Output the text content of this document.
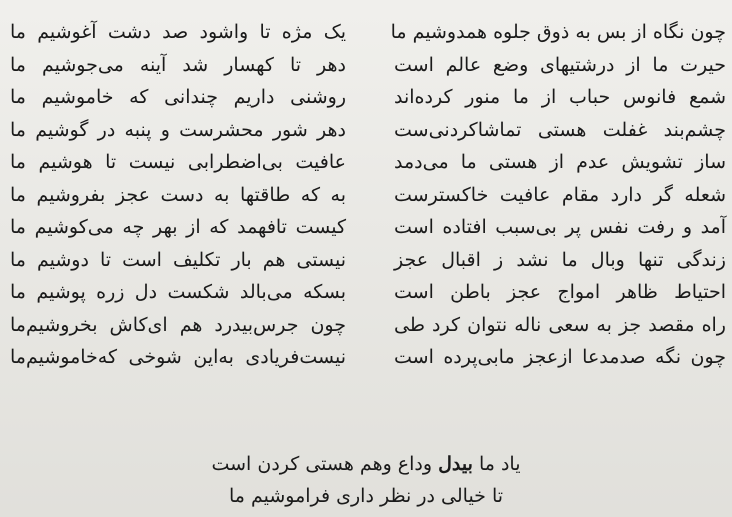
چون نگاه از بس به ذوق جلوه همدوشیم ما
یک مژه تا واشود صد دشت آغوشیم ما
حیرت ما از درشتیهای وضع عالم است
دهر تا کهسار شد آینه می‌جوشیم ما
شمع فانوس حباب از ما منور کرده‌اند
روشنی داریم چندانی که خاموشیم ما
چشم‌بند غفلت هستی تماشاکردنی‌ست
دهر شور محشرست و پنبه در گوشیم ما
ساز تشویش عدم از هستی ما می‌دمد
عافیت بی‌اضطرابی نیست تا هوشیم ما
شعله گر دارد مقام عافیت خاکسترست
به که طاقتها به دست عجز بفروشیم ما
آمد و رفت نفس پر بی‌سبب افتاده است
کیست تافهمد که از بهر چه می‌کوشیم ما
زندگی تنها وبال ما نشد ز اقبال عجز
نیستی هم بار تکلیف است تا دوشیم ما
احتیاط ظاهر امواج عجز باطن است
بسکه می‌بالد شکست دل زره پوشیم ما
راه مقصد جز به سعی ناله نتوان کرد طی
چون جرس‌بیدرد هم ای‌کاش بخروشیم‌ما
چون نگه صدمدعا ازعجز مابی‌پرده است
نیست‌فریادی به‌این شوخی که‌خاموشیم‌ما
یاد ما بیدل وداع وهم هستی کردن است
تا خیالی در نظر داری فراموشیم ما
